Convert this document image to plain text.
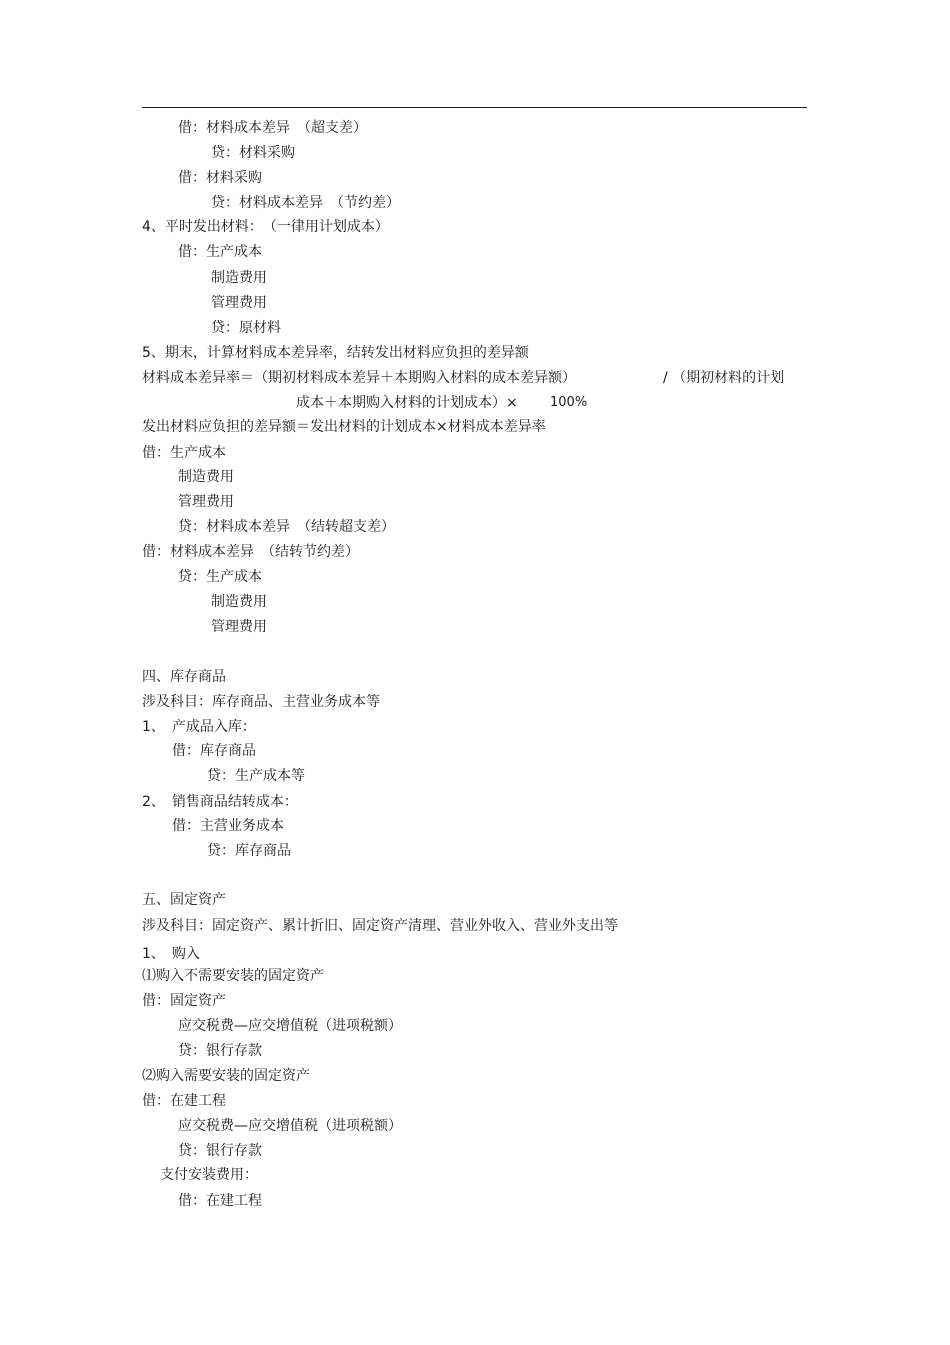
借：材料成本差异　（超支差）
贷：材料采购
借：材料采购
贷：材料成本差异　（节约差）
4、平时发出材料：　（一律用计划成本）
借：生产成本
制造费用
管理费用
贷：原材料
5、期末，计算材料成本差异率，结转发出材料应负担的差异额
材料成本差异率＝（期初材料成本差异＋本期购入材料的成本差异额）	/ （期初材料的计划
成本＋本期购入材料的计划成本）× 100%
发出材料应负担的差异额＝发出材料的计划成本×材料成本差异率
借：生产成本
制造费用
管理费用
贷：材料成本差异　（结转超支差）
借：材料成本差异　（结转节约差）
贷：生产成本
制造费用
管理费用
四、库存商品
涉及科目：库存商品、主营业务成本等
1、　产成品入库：
借：库存商品
贷：生产成本等
2、　销售商品结转成本：
借：主营业务成本
贷：库存商品
五、固定资产
涉及科目：固定资产、累计折旧、固定资产清理、营业外收入、营业外支出等
1、　购入
⑴购入不需要安装的固定资产
借：固定资产
应交税费—应交增值税（进项税额）
贷：银行存款
⑵购入需要安装的固定资产
借：在建工程
应交税费—应交增值税（进项税额）
贷：银行存款
支付安装费用：
借：在建工程
